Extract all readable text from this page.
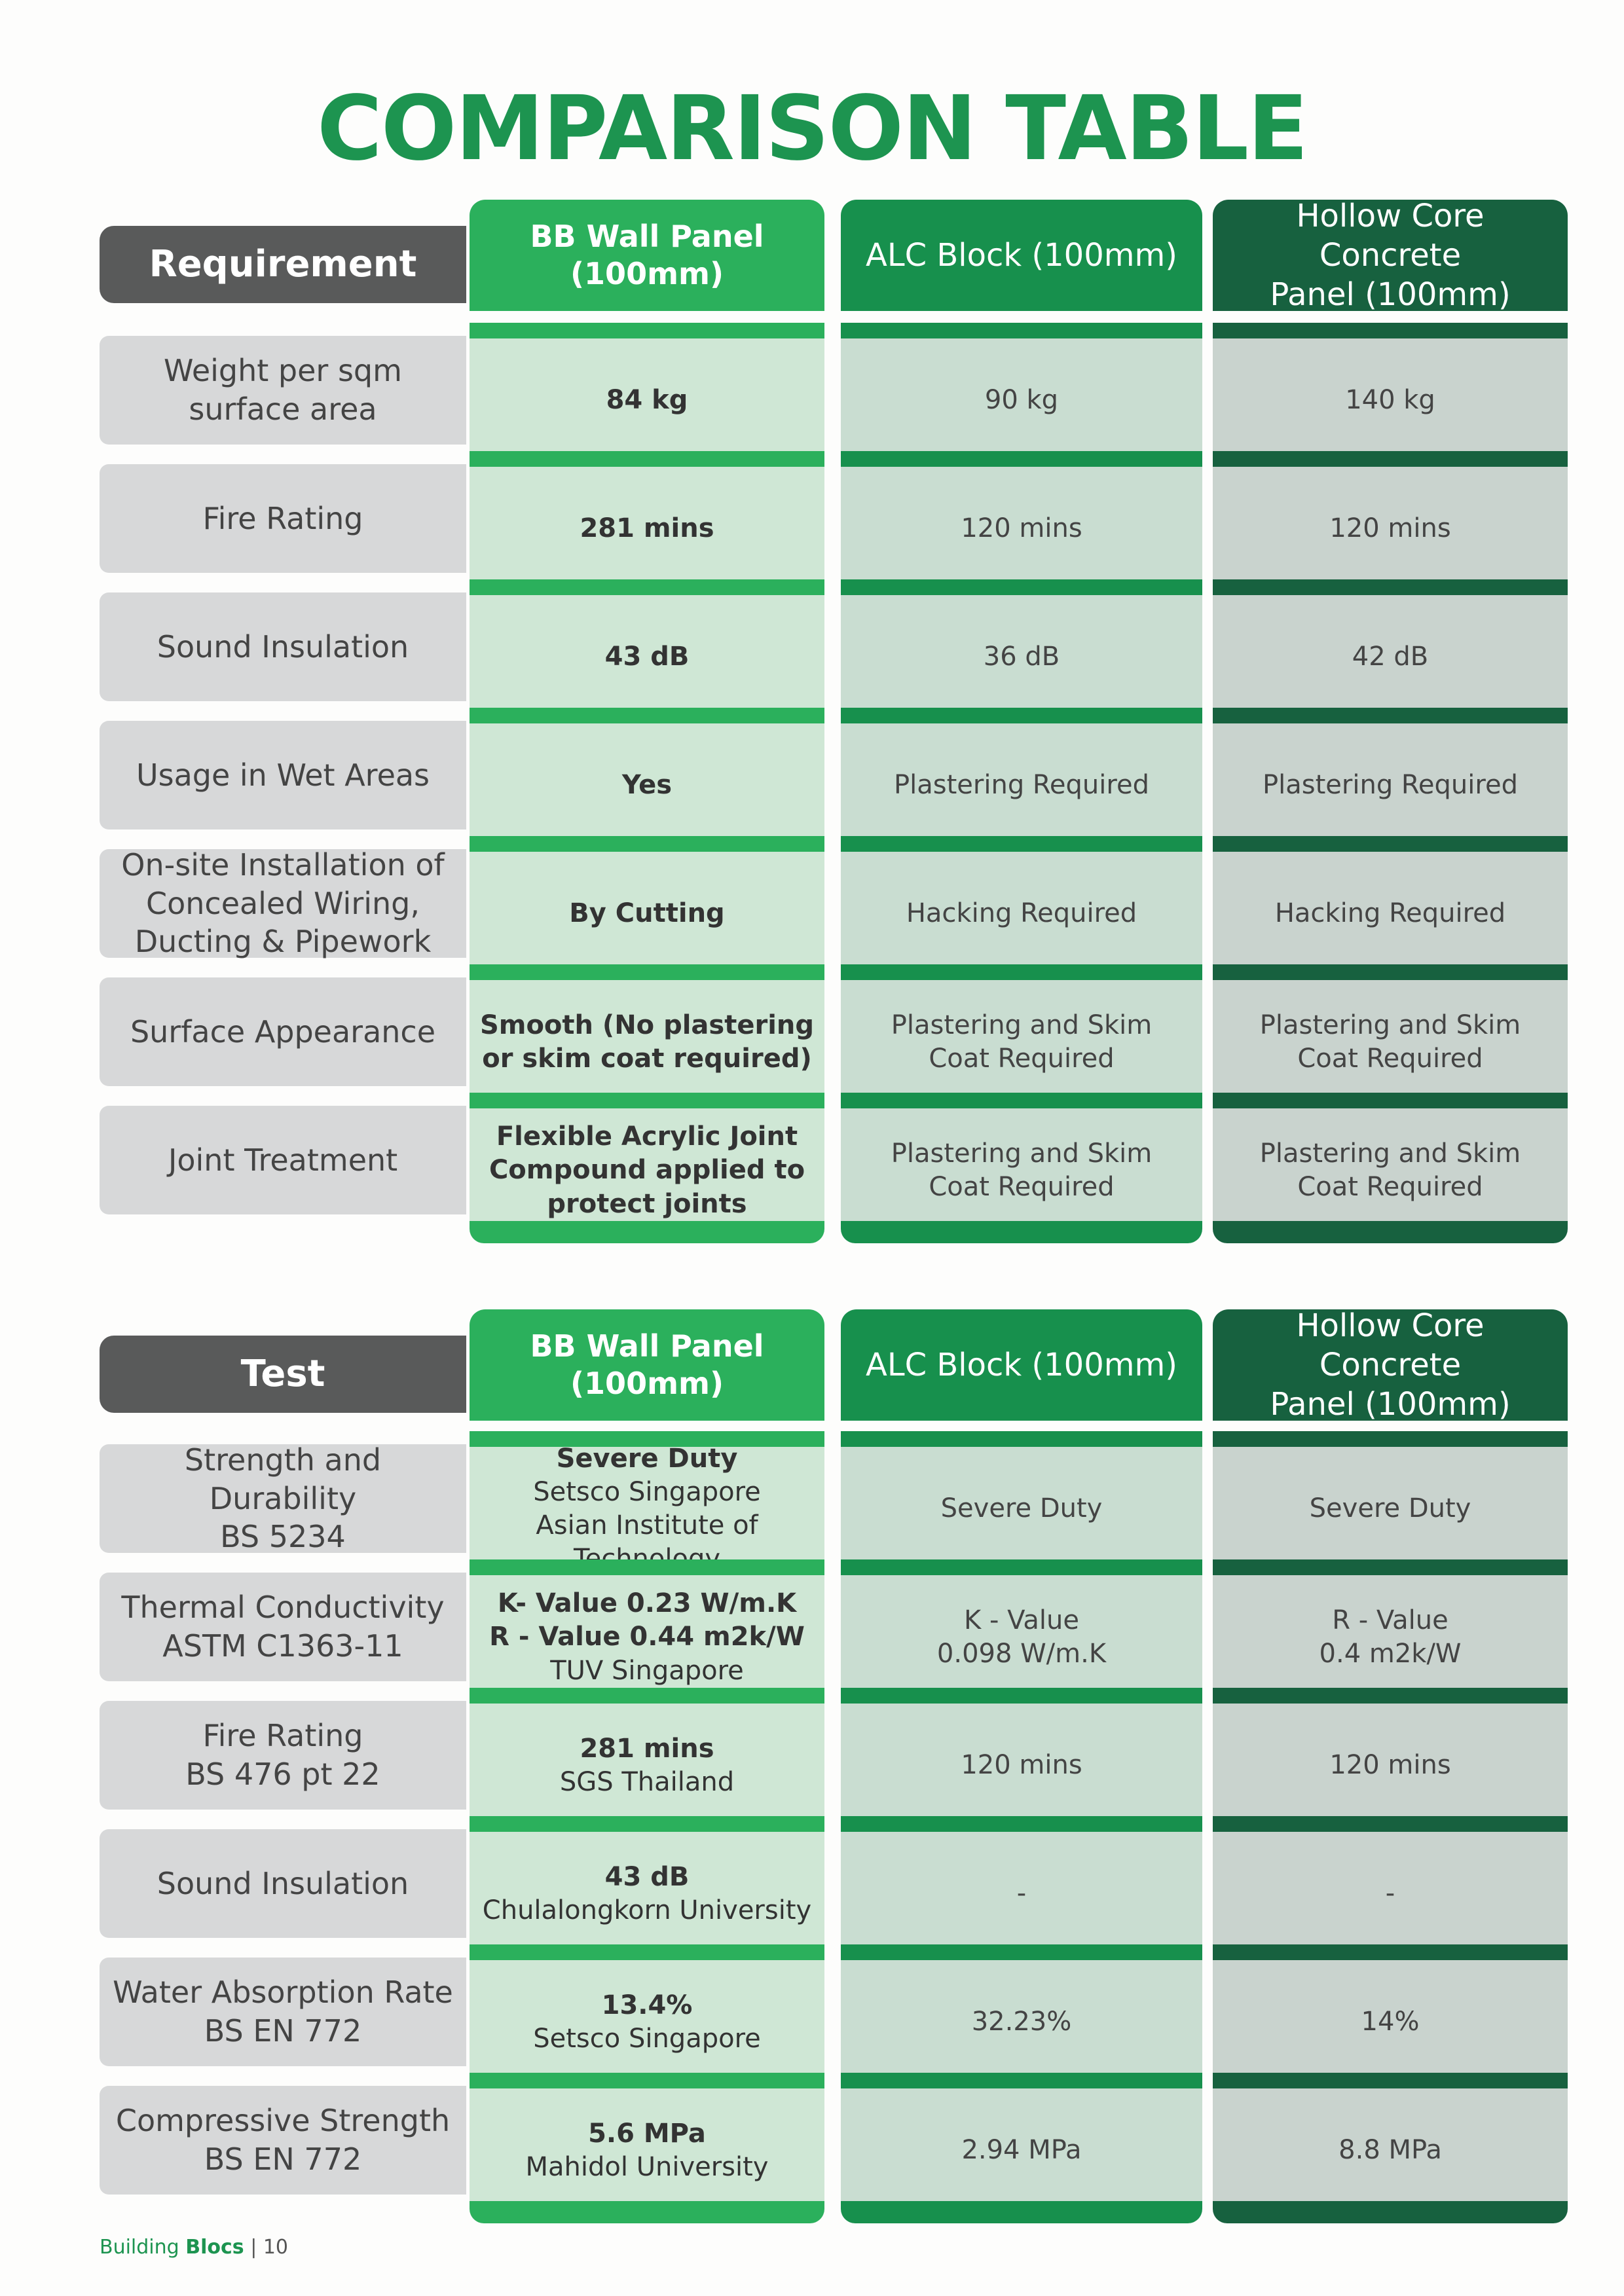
COMPARISON TABLE
Requirement
Weight per sqm
surface area
Fire Rating
Sound Insulation
Usage in Wet Areas
On-site Installation of
Concealed Wiring,
Ducting & Pipework
Surface Appearance
Joint Treatment
BB Wall Panel
(100mm)
84 kg
281 mins
43 dB
Yes
By Cutting
Smooth (No plastering
or skim coat required)
Flexible Acrylic Joint
Compound applied to
protect joints
ALC Block (100mm)
90 kg
120 mins
36 dB
Plastering Required
Hacking Required
Plastering and Skim
Coat Required
Plastering and Skim
Coat Required
Hollow Core Concrete
Panel (100mm)
140 kg
120 mins
42 dB
Plastering Required
Hacking Required
Plastering and Skim
Coat Required
Plastering and Skim
Coat Required
Test
Strength and Durability
BS 5234
Thermal Conductivity
ASTM C1363-11
Fire Rating
BS 476 pt 22
Sound Insulation
Water Absorption Rate
BS EN 772
Compressive Strength
BS EN 772
BB Wall Panel
(100mm)
Severe Duty
Setsco Singapore
Asian Institute of
K- Value 0.23 W/m.K
R - Value 0.44 m2k/W
TUV Singapore
281 mins
SGS Thailand
43 dB
Chulalongkorn University
13.4%
Setsco Singapore
5.6 MPa
Mahidol University
ALC Block (100mm)
Severe Duty
K - Value
0.098 W/m.K
120 mins
-
32.23%
2.94 MPa
Hollow Core Concrete
Panel (100mm)
Severe Duty
R - Value
0.4 m2k/W
120 mins
-
14%
8.8 MPa
Building Blocs | 10
